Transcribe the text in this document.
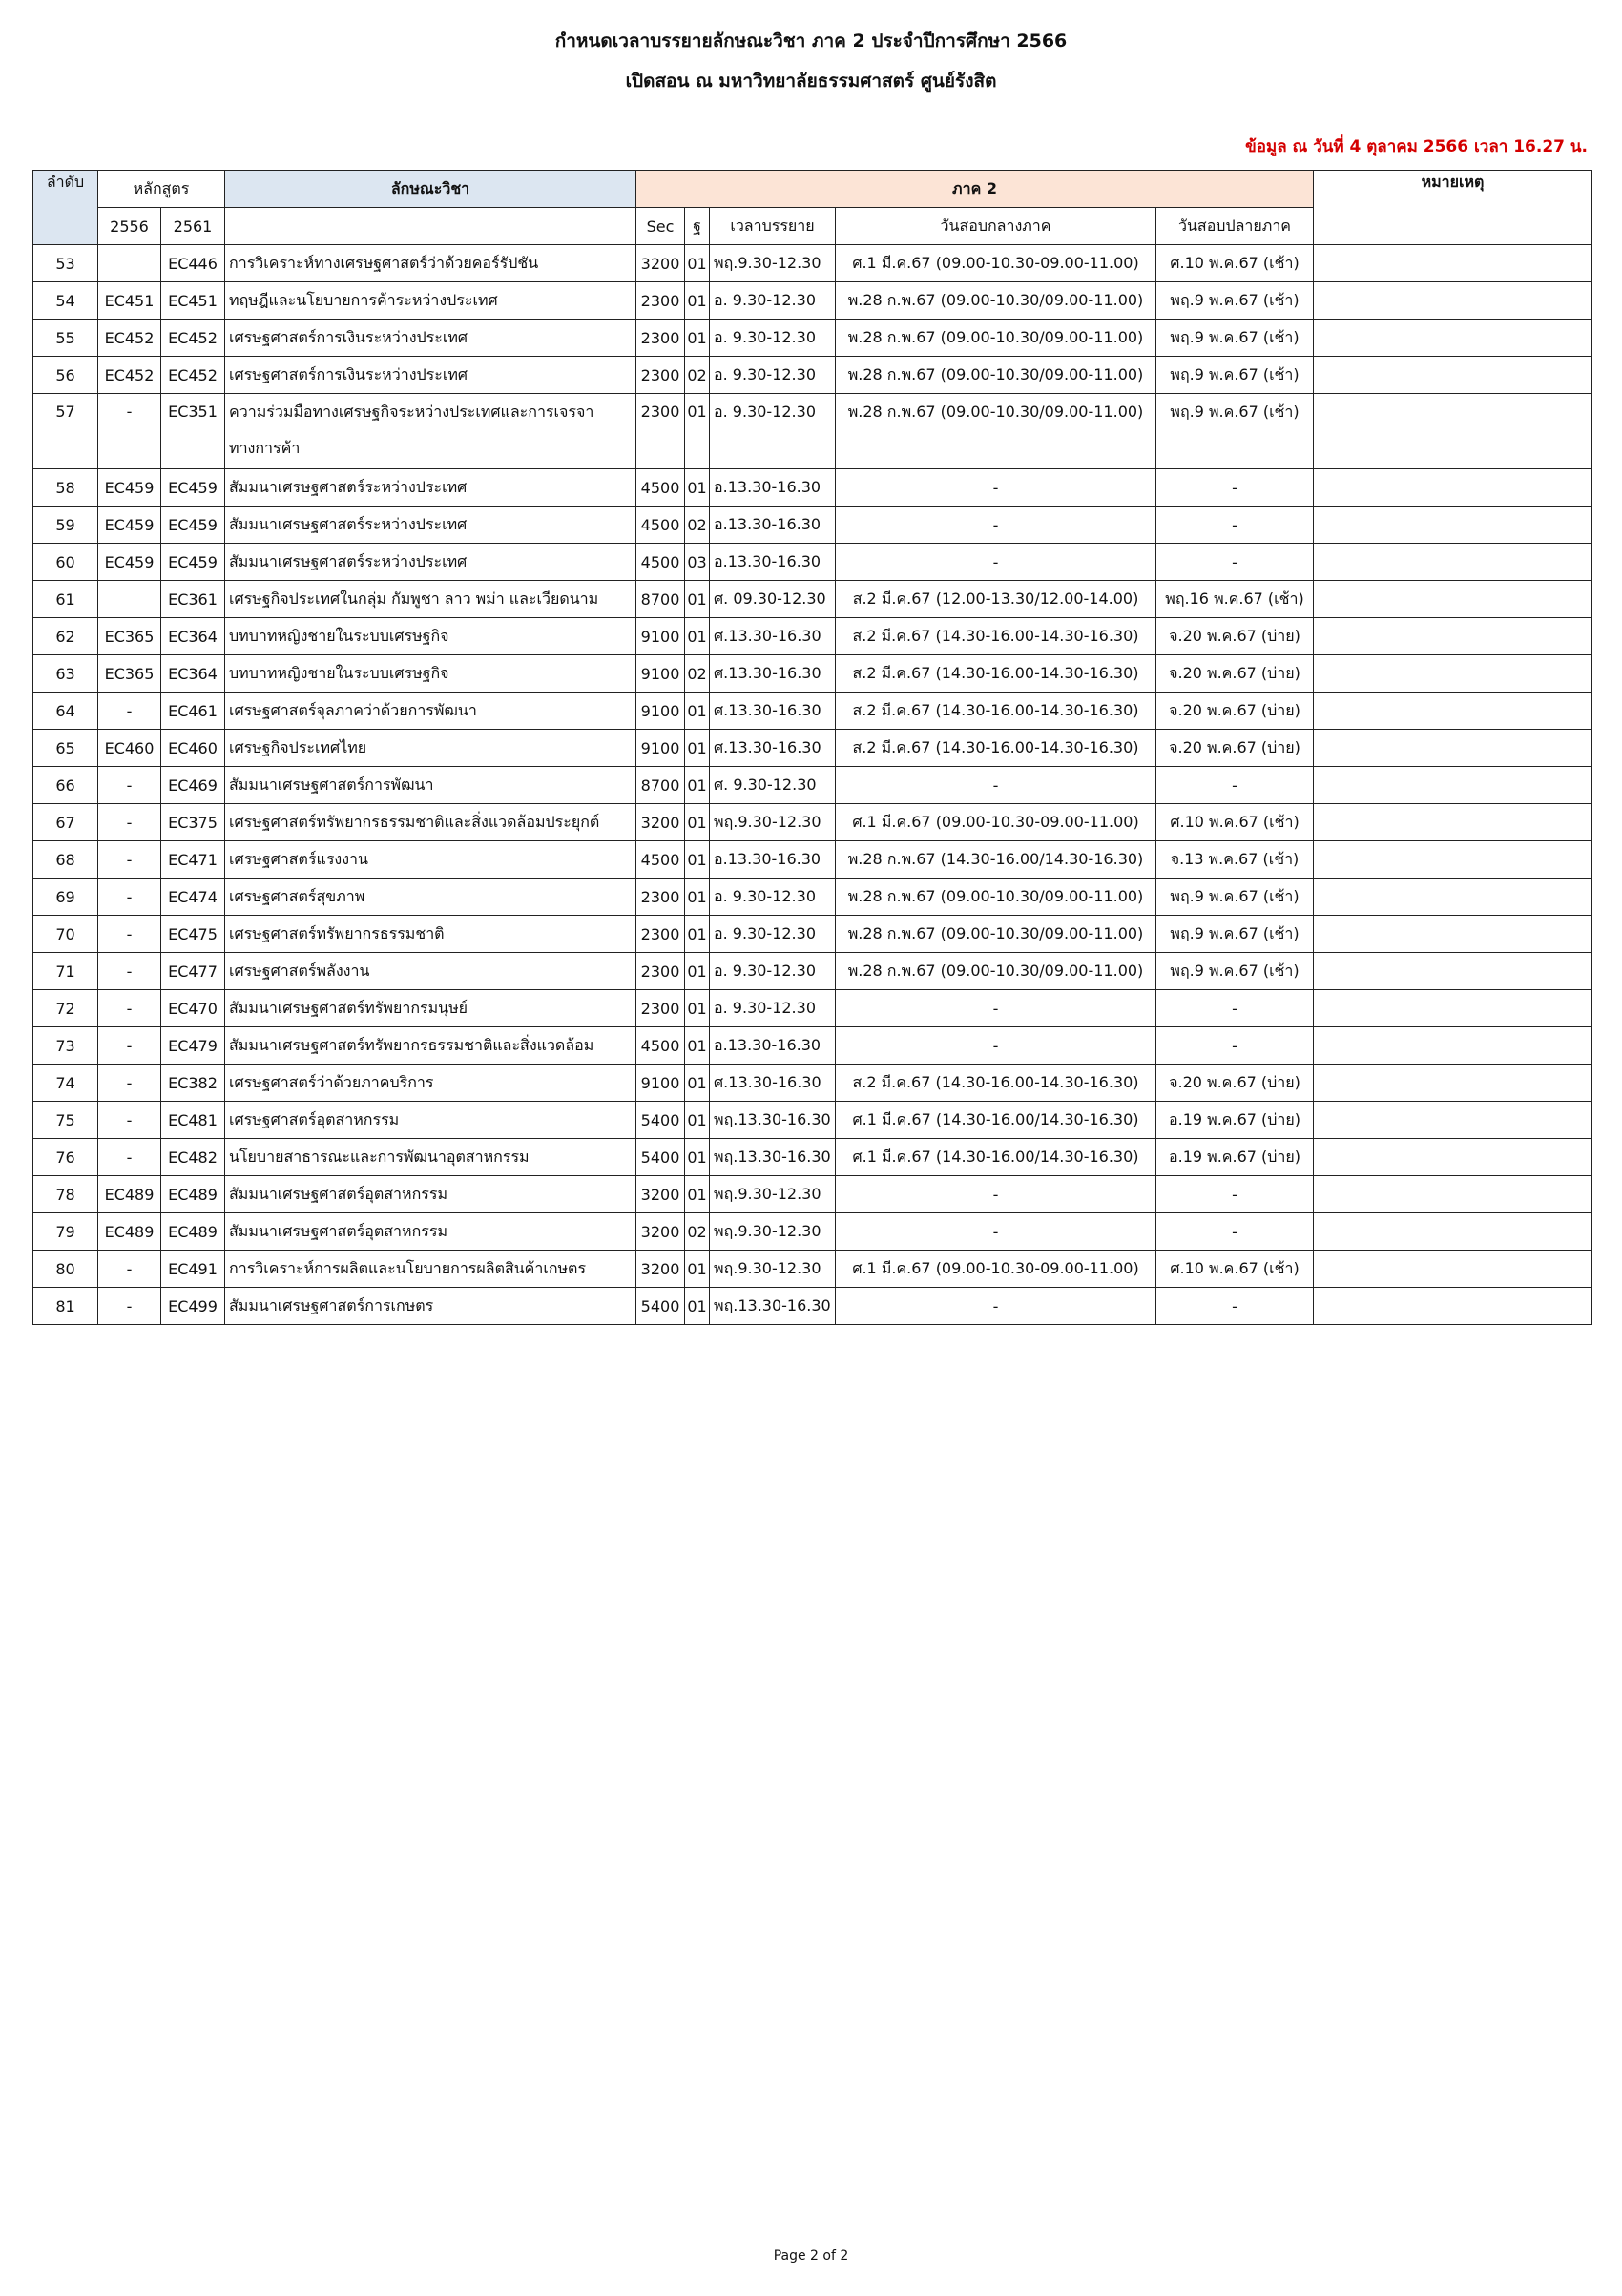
กำหนดเวลาบรรยายลักษณะวิชา ภาค 2 ประจำปีการศึกษา 2566
เปิดสอน ณ มหาวิทยาลัยธรรมศาสตร์ ศูนย์รังสิต
ข้อมูล ณ วันที่ 4 ตุลาคม 2566 เวลา 16.27 น.
ลำดับ	หลักสูตร		ลักษณะวิชา	ภาค 2					หมายเหตุ
	2556	2561		Sec	ฐ	เวลาบรรยาย	วันสอบกลางภาค	วันสอบปลายภาค	
53		EC446	การวิเคราะห์ทางเศรษฐศาสตร์ว่าด้วยคอร์รัปชัน	3200	01	พฤ.9.30-12.30	ศ.1 มี.ค.67 (09.00-10.30-09.00-11.00)	ศ.10 พ.ค.67 (เช้า)	
54	EC451	EC451	ทฤษฎีและนโยบายการค้าระหว่างประเทศ	2300	01	อ. 9.30-12.30	พ.28 ก.พ.67 (09.00-10.30/09.00-11.00)	พฤ.9 พ.ค.67 (เช้า)	
55	EC452	EC452	เศรษฐศาสตร์การเงินระหว่างประเทศ	2300	01	อ. 9.30-12.30	พ.28 ก.พ.67 (09.00-10.30/09.00-11.00)	พฤ.9 พ.ค.67 (เช้า)	
56	EC452	EC452	เศรษฐศาสตร์การเงินระหว่างประเทศ	2300	02	อ. 9.30-12.30	พ.28 ก.พ.67 (09.00-10.30/09.00-11.00)	พฤ.9 พ.ค.67 (เช้า)	
57	-	EC351	ความร่วมมือทางเศรษฐกิจระหว่างประเทศและการเจรจาทางการค้า	2300	01	อ. 9.30-12.30	พ.28 ก.พ.67 (09.00-10.30/09.00-11.00)	พฤ.9 พ.ค.67 (เช้า)	
58	EC459	EC459	สัมมนาเศรษฐศาสตร์ระหว่างประเทศ	4500	01	อ.13.30-16.30	-	-	
59	EC459	EC459	สัมมนาเศรษฐศาสตร์ระหว่างประเทศ	4500	02	อ.13.30-16.30	-	-	
60	EC459	EC459	สัมมนาเศรษฐศาสตร์ระหว่างประเทศ	4500	03	อ.13.30-16.30	-	-	
61		EC361	เศรษฐกิจประเทศในกลุ่ม กัมพูชา ลาว พม่า และเวียดนาม	8700	01	ศ. 09.30-12.30	ส.2 มี.ค.67 (12.00-13.30/12.00-14.00)	พฤ.16 พ.ค.67 (เช้า)	
62	EC365	EC364	บทบาทหญิงชายในระบบเศรษฐกิจ	9100	01	ศ.13.30-16.30	ส.2 มี.ค.67 (14.30-16.00-14.30-16.30)	จ.20 พ.ค.67 (บ่าย)	
63	EC365	EC364	บทบาทหญิงชายในระบบเศรษฐกิจ	9100	02	ศ.13.30-16.30	ส.2 มี.ค.67 (14.30-16.00-14.30-16.30)	จ.20 พ.ค.67 (บ่าย)	
64	-	EC461	เศรษฐศาสตร์จุลภาคว่าด้วยการพัฒนา	9100	01	ศ.13.30-16.30	ส.2 มี.ค.67 (14.30-16.00-14.30-16.30)	จ.20 พ.ค.67 (บ่าย)	
65	EC460	EC460	เศรษฐกิจประเทศไทย	9100	01	ศ.13.30-16.30	ส.2 มี.ค.67 (14.30-16.00-14.30-16.30)	จ.20 พ.ค.67 (บ่าย)	
66	-	EC469	สัมมนาเศรษฐศาสตร์การพัฒนา	8700	01	ศ. 9.30-12.30	-	-	
67	-	EC375	เศรษฐศาสตร์ทรัพยากรธรรมชาติและสิ่งแวดล้อมประยุกต์	3200	01	พฤ.9.30-12.30	ศ.1 มี.ค.67 (09.00-10.30-09.00-11.00)	ศ.10 พ.ค.67 (เช้า)	
68	-	EC471	เศรษฐศาสตร์แรงงาน	4500	01	อ.13.30-16.30	พ.28 ก.พ.67 (14.30-16.00/14.30-16.30)	จ.13 พ.ค.67 (เช้า)	
69	-	EC474	เศรษฐศาสตร์สุขภาพ	2300	01	อ. 9.30-12.30	พ.28 ก.พ.67 (09.00-10.30/09.00-11.00)	พฤ.9 พ.ค.67 (เช้า)	
70	-	EC475	เศรษฐศาสตร์ทรัพยากรธรรมชาติ	2300	01	อ. 9.30-12.30	พ.28 ก.พ.67 (09.00-10.30/09.00-11.00)	พฤ.9 พ.ค.67 (เช้า)	
71	-	EC477	เศรษฐศาสตร์พลังงาน	2300	01	อ. 9.30-12.30	พ.28 ก.พ.67 (09.00-10.30/09.00-11.00)	พฤ.9 พ.ค.67 (เช้า)	
72	-	EC470	สัมมนาเศรษฐศาสตร์ทรัพยากรมนุษย์	2300	01	อ. 9.30-12.30	-	-	
73	-	EC479	สัมมนาเศรษฐศาสตร์ทรัพยากรธรรมชาติและสิ่งแวดล้อม	4500	01	อ.13.30-16.30	-	-	
74	-	EC382	เศรษฐศาสตร์ว่าด้วยภาคบริการ	9100	01	ศ.13.30-16.30	ส.2 มี.ค.67 (14.30-16.00-14.30-16.30)	จ.20 พ.ค.67 (บ่าย)	
75	-	EC481	เศรษฐศาสตร์อุตสาหกรรม	5400	01	พฤ.13.30-16.30	ศ.1 มี.ค.67 (14.30-16.00/14.30-16.30)	อ.19 พ.ค.67 (บ่าย)	
76	-	EC482	นโยบายสาธารณะและการพัฒนาอุตสาหกรรม	5400	01	พฤ.13.30-16.30	ศ.1 มี.ค.67 (14.30-16.00/14.30-16.30)	อ.19 พ.ค.67 (บ่าย)	
78	EC489	EC489	สัมมนาเศรษฐศาสตร์อุตสาหกรรม	3200	01	พฤ.9.30-12.30	-	-	
79	EC489	EC489	สัมมนาเศรษฐศาสตร์อุตสาหกรรม	3200	02	พฤ.9.30-12.30	-	-	
80	-	EC491	การวิเคราะห์การผลิตและนโยบายการผลิตสินค้าเกษตร	3200	01	พฤ.9.30-12.30	ศ.1 มี.ค.67 (09.00-10.30-09.00-11.00)	ศ.10 พ.ค.67 (เช้า)	
81	-	EC499	สัมมนาเศรษฐศาสตร์การเกษตร	5400	01	พฤ.13.30-16.30	-	-	
Page 2 of 2
